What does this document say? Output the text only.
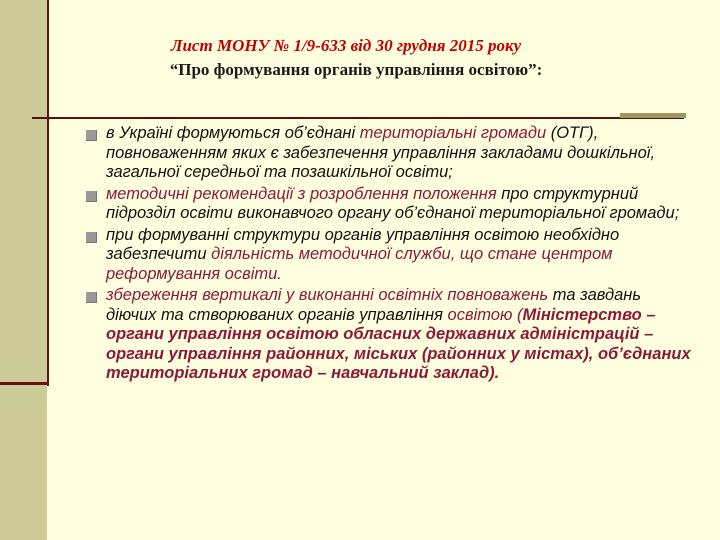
Лист МОНУ № 1/9-633 від 30 грудня 2015 року
“Про формування органів управління освітою”:
в Україні формуються об’єднані територіальні громади (ОТГ), повноваженням яких є забезпечення управління закладами дошкільної, загальної середньої та позашкільної освіти;
методичні рекомендації з розроблення положення про структурний підрозділ освіти виконавчого органу об’єднаної територіальної громади;
при формуванні структури органів управління освітою необхідно забезпечити діяльність методичної служби, що стане центром реформування освіти.
збереження вертикалі у виконанні освітніх повноважень та завдань діючих та створюваних органів управління освітою (Міністерство – органи управління освітою обласних державних адміністрацій – органи управління районних, міських (районних у містах), об’єднаних територіальних громад – навчальний заклад).
